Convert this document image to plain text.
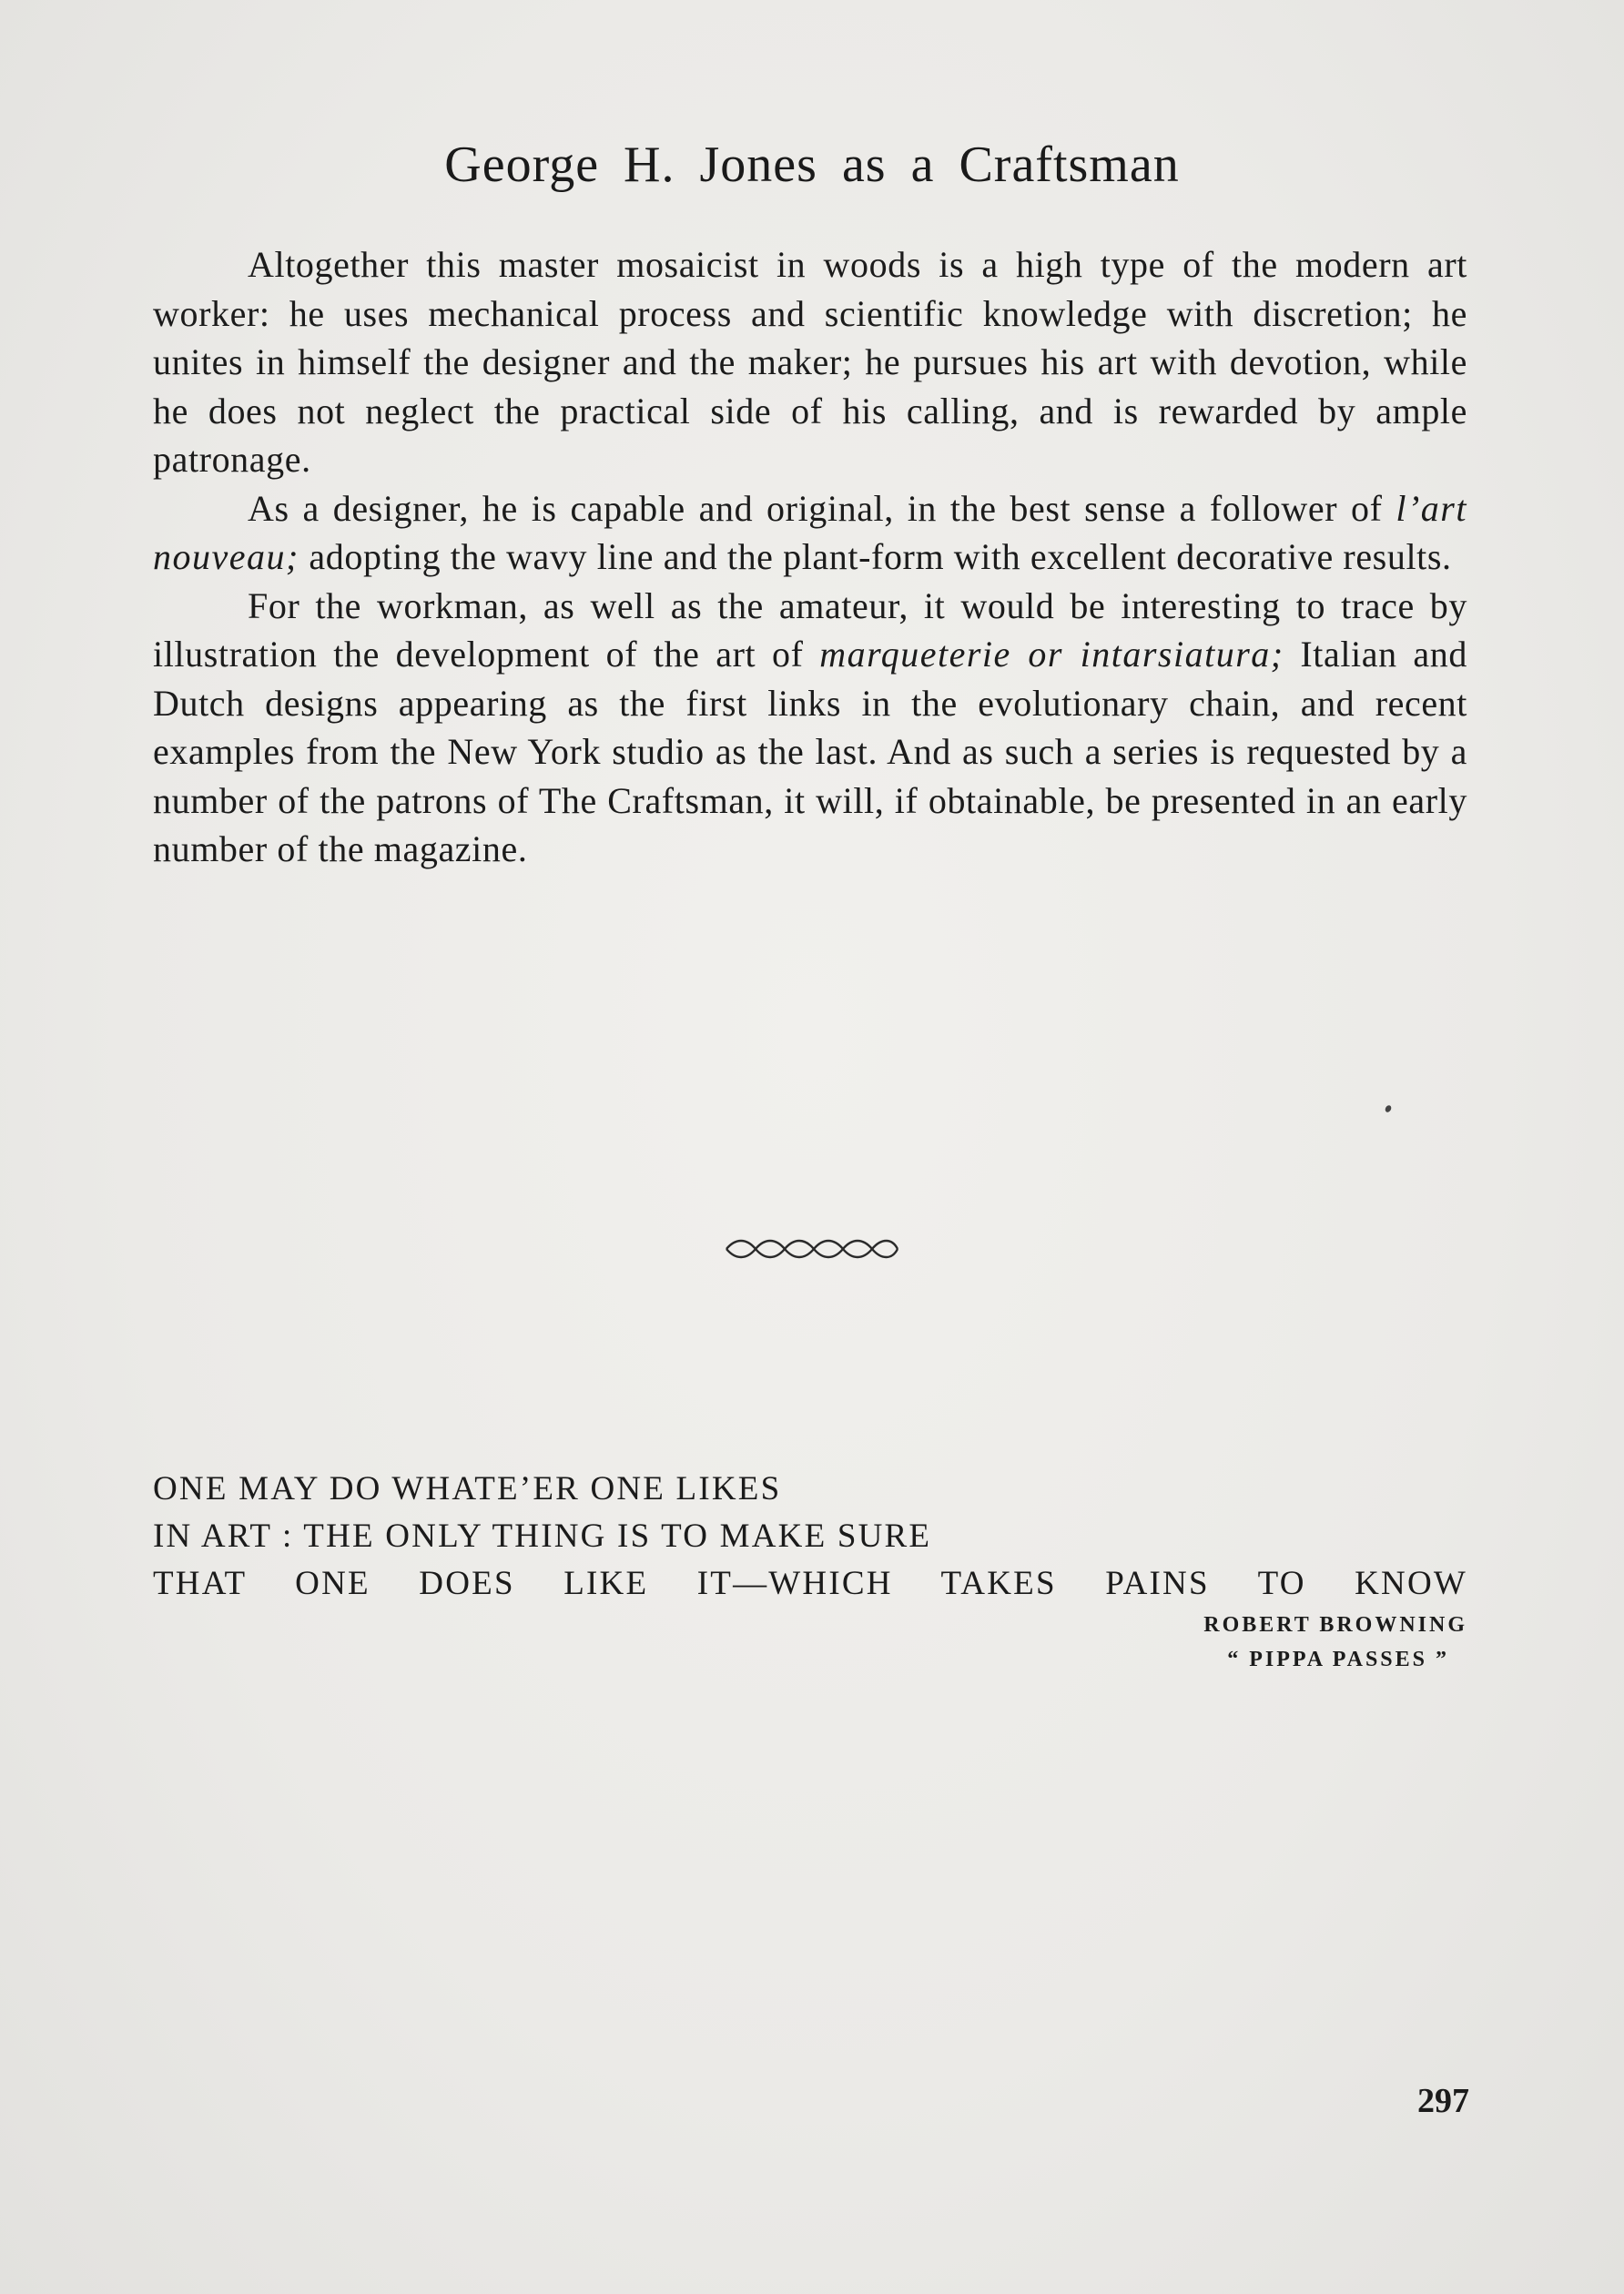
George H. Jones as a Craftsman

Altogether this master mosaicist in woods is a high type of the modern art worker: he uses mechanical process and scientific knowledge with discretion; he unites in himself the designer and the maker; he pursues his art with devotion, while he does not neglect the practical side of his calling, and is rewarded by ample patronage.

As a designer, he is capable and original, in the best sense a follower of l’art nouveau; adopting the wavy line and the plant-form with excellent decorative results.

For the workman, as well as the amateur, it would be interesting to trace by illustration the development of the art of marqueterie or intarsiatura; Italian and Dutch designs appearing as the first links in the evolutionary chain, and recent examples from the New York studio as the last. And as such a series is requested by a number of the patrons of The Craftsman, it will, if obtainable, be presented in an early number of the magazine.

ONE MAY DO WHATE’ER ONE LIKES
IN ART : THE ONLY THING IS TO MAKE SURE
THAT ONE DOES LIKE IT—WHICH TAKES PAINS TO KNOW
ROBERT BROWNING
“ PIPPA PASSES ”
297
